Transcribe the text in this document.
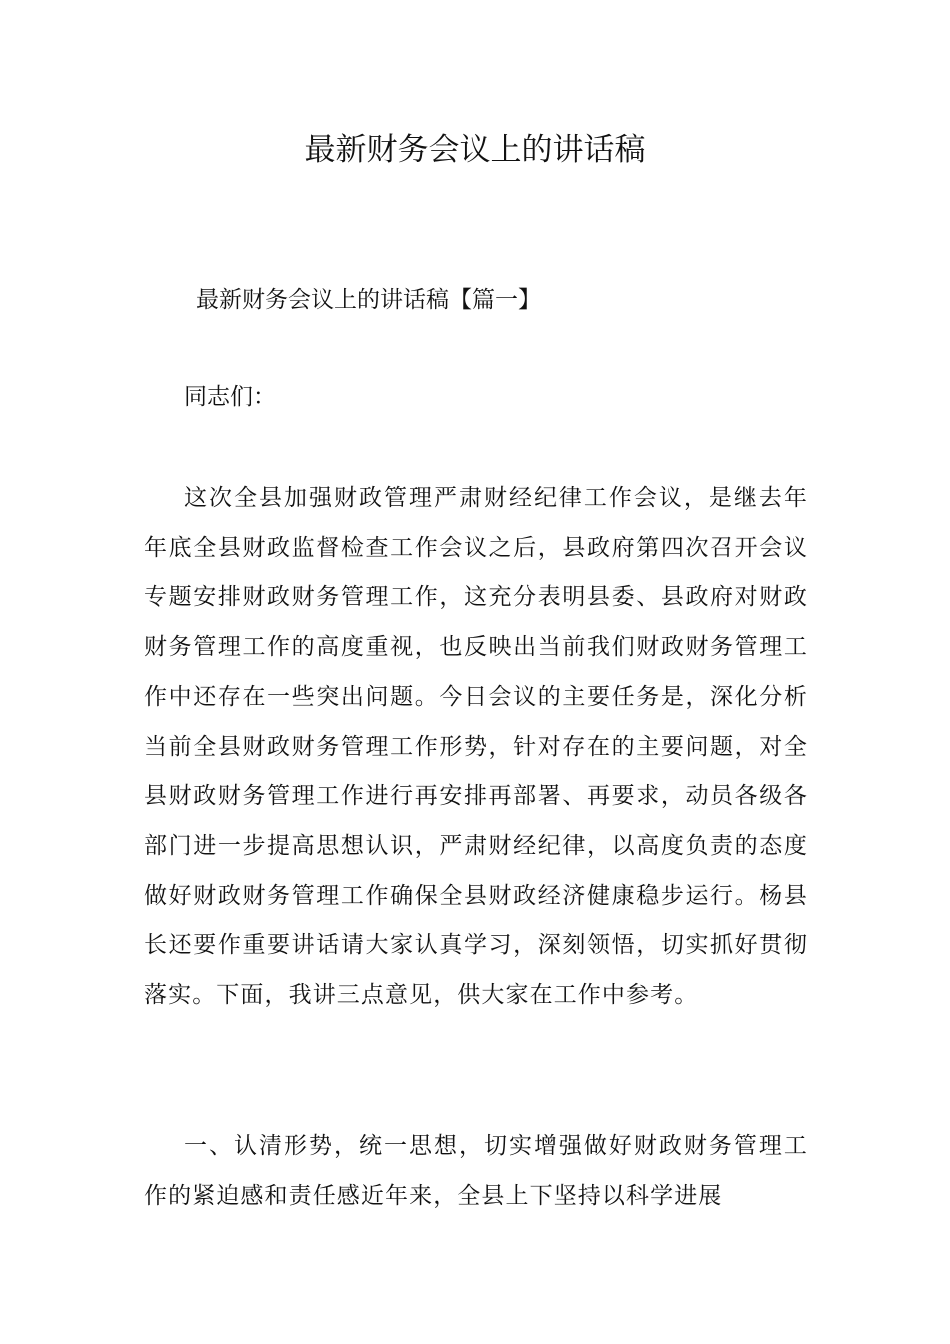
最新财务会议上的讲话稿

最新财务会议上的讲话稿【篇一】

同志们：

这次全县加强财政管理严肃财经纪律工作会议，是继去年年底全县财政监督检查工作会议之后，县政府第四次召开会议专题安排财政财务管理工作，这充分表明县委、县政府对财政财务管理工作的高度重视，也反映出当前我们财政财务管理工作中还存在一些突出问题。今日会议的主要任务是，深化分析当前全县财政财务管理工作形势，针对存在的主要问题，对全县财政财务管理工作进行再安排再部署、再要求，动员各级各部门进一步提高思想认识，严肃财经纪律，以高度负责的态度做好财政财务管理工作确保全县财政经济健康稳步运行。杨县长还要作重要讲话请大家认真学习，深刻领悟，切实抓好贯彻落实。下面，我讲三点意见，供大家在工作中参考。

一、认清形势，统一思想，切实增强做好财政财务管理工作的紧迫感和责任感近年来，全县上下坚持以科学进展
